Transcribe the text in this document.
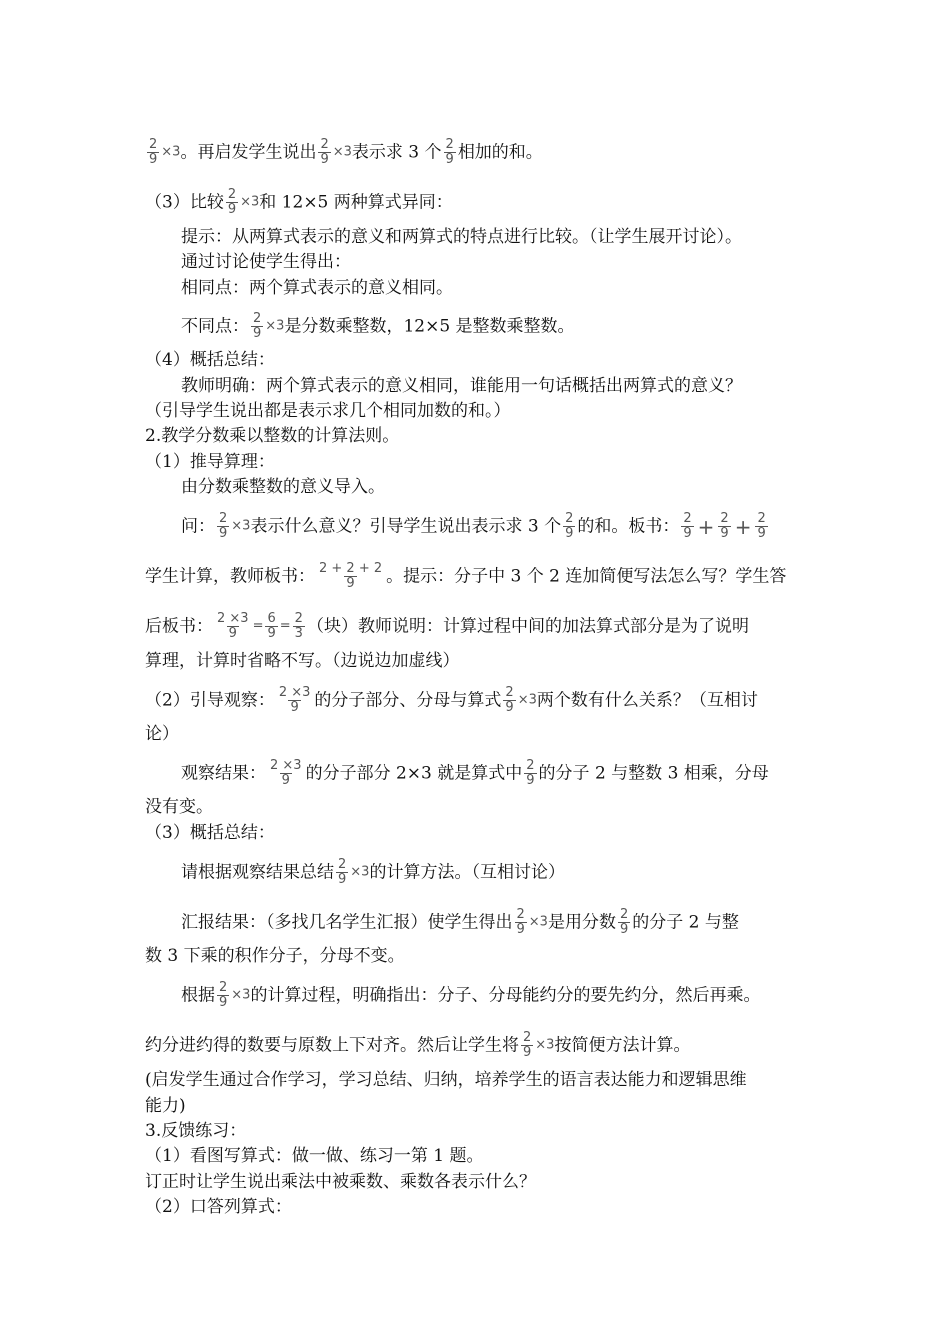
$\frac{2}{9} \times 3$。再启发学生说出 $\frac{2}{9} \times 3$表示求 3 个 $\frac{2}{9}$ 相加的和。
（3）比较 $\frac{2}{9} \times 3$和 12×5 两种算式异同：
提示：从两算式表示的意义和两算式的特点进行比较。（让学生展开讨论）。
通过讨论使学生得出：
相同点：两个算式表示的意义相同。
不同点： $\frac{2}{9} \times 3$是分数乘整数，12×5 是整数乘整数。
（4）概括总结：
教师明确：两个算式表示的意义相同，谁能用一句话概括出两算式的意义？
（引导学生说出都是表示求几个相同加数的和。）
2.教学分数乘以整数的计算法则。
（1）推导算理：
由分数乘整数的意义导入。
问： $\frac{2}{9} \times 3$表示什么意义？引导学生说出表示求 3 个 $\frac{2}{9}$ 的和。板书： $\frac{2}{9} + \frac{2}{9} + \frac{2}{9}$
学生计算，教师板书： $\frac{2 + 2 + 2}{9}$ 。提示：分子中 3 个 2 连加简便写法怎么写？学生答
后板书： $\frac{2 \times 3}{9} = \frac{6}{9} = \frac{2}{3}$ （块）教师说明：计算过程中间的加法算式部分是为了说明
算理，计算时省略不写。（边说边加虚线）
（2）引导观察： $\frac{2 \times 3}{9}$ 的分子部分、分母与算式 $\frac{2}{9} \times 3$两个数有什么关系？（互相讨
论）
观察结果： $\frac{2 \times 3}{9}$ 的分子部分 2×3 就是算式中 $\frac{2}{9}$ 的分子 2 与整数 3 相乘，分母
没有变。
（3）概括总结：
请根据观察结果总结 $\frac{2}{9} \times 3$的计算方法。（互相讨论）
汇报结果：（多找几名学生汇报）使学生得出 $\frac{2}{9} \times 3$是用分数 $\frac{2}{9}$ 的分子 2 与整
数 3 下乘的积作分子，分母不变。
根据 $\frac{2}{9} \times 3$的计算过程，明确指出：分子、分母能约分的要先约分，然后再乘。
约分进约得的数要与原数上下对齐。然后让学生将 $\frac{2}{9} \times 3$按简便方法计算。
(启发学生通过合作学习，学习总结、归纳，培养学生的语言表达能力和逻辑思维
能力)
3.反馈练习：
（1）看图写算式：做一做、练习一第 1 题。
订正时让学生说出乘法中被乘数、乘数各表示什么？
（2）口答列算式：
